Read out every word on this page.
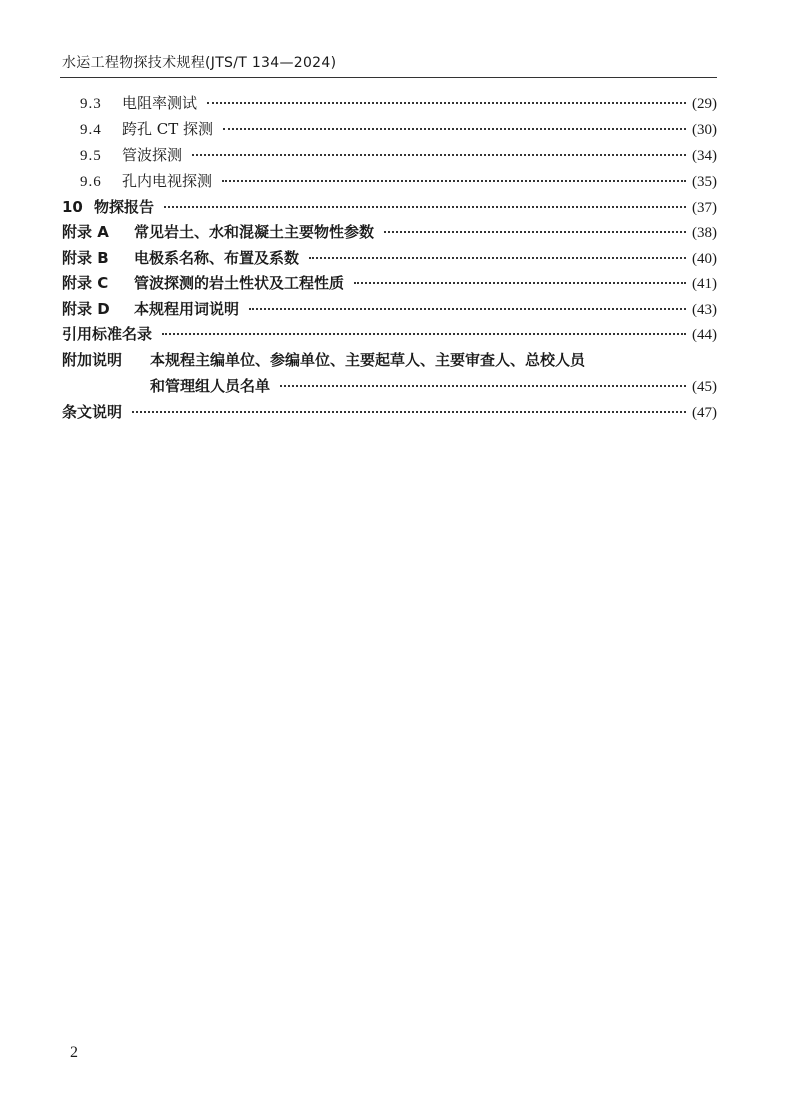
水运工程物探技术规程(JTS/T 134—2024)
9.3	电阻率测试	(29)
9.4	跨孔 CT 探测	(30)
9.5	管波探测	(34)
9.6	孔内电视探测	(35)
10 物探报告	(37)
附录 A	常见岩土、水和混凝土主要物性参数	(38)
附录 B	电极系名称、布置及系数	(40)
附录 C	管波探测的岩土性状及工程性质	(41)
附录 D	本规程用词说明	(43)
引用标准名录	(44)
附加说明 本规程主编单位、参编单位、主要起草人、主要审查人、总校人员
和管理组人员名单	(45)
条文说明	(47)
2
